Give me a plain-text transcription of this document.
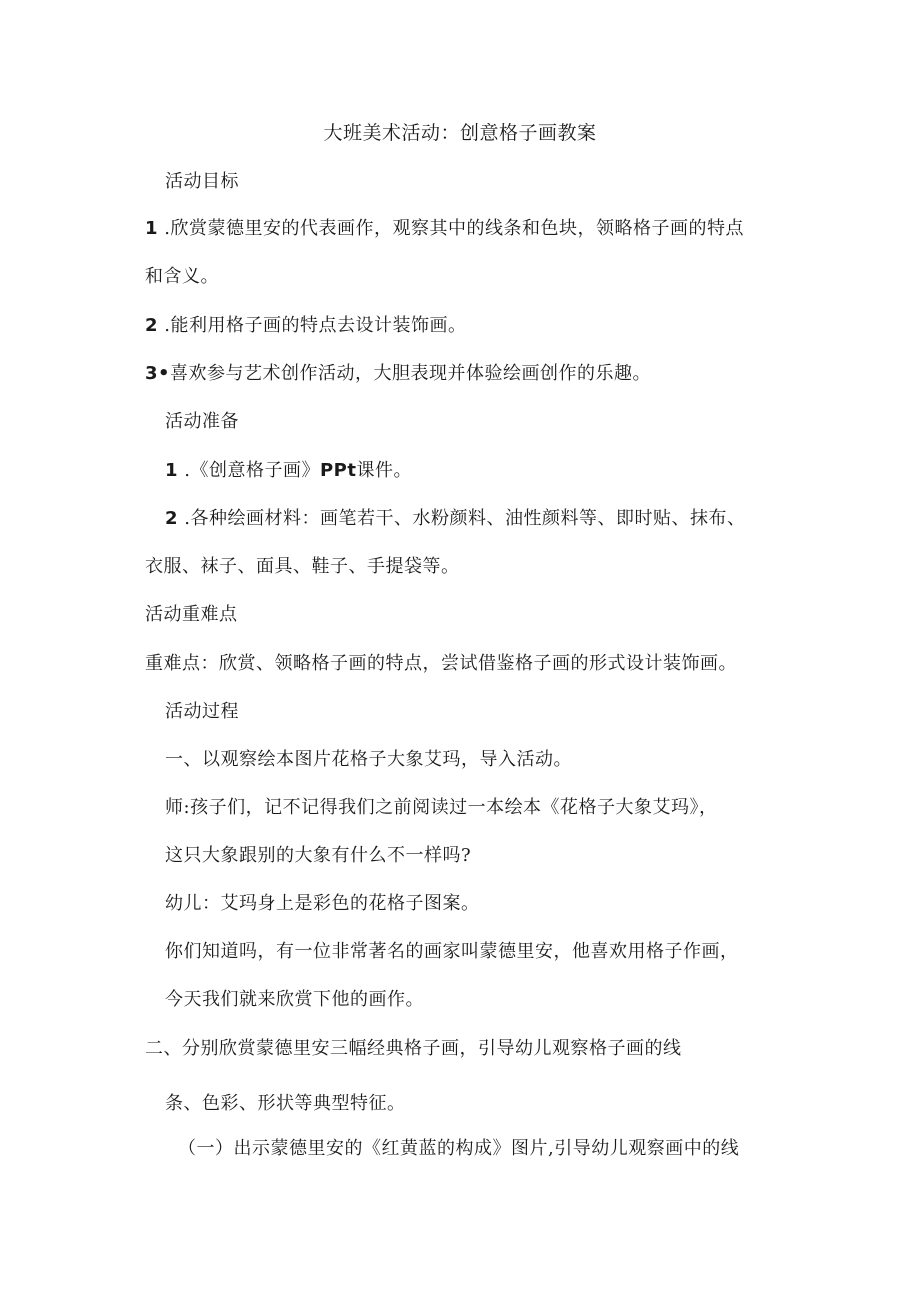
大班美术活动：创意格子画教案
活动目标
1 .欣赏蒙德里安的代表画作，观察其中的线条和色块，领略格子画的特点
和含义。
2 .能利用格子画的特点去设计装饰画。
3•喜欢参与艺术创作活动，大胆表现并体验绘画创作的乐趣。
活动准备
1 .《创意格子画》PPt课件。
2 .各种绘画材料：画笔若干、水粉颜料、油性颜料等、即时贴、抹布、
衣服、袜子、面具、鞋子、手提袋等。
活动重难点
重难点：欣赏、领略格子画的特点，尝试借鉴格子画的形式设计装饰画。
活动过程
一、以观察绘本图片花格子大象艾玛，导入活动。
师:孩子们，记不记得我们之前阅读过一本绘本《花格子大象艾玛》，
这只大象跟别的大象有什么不一样吗?
幼儿：艾玛身上是彩色的花格子图案。
你们知道吗，有一位非常著名的画家叫蒙德里安，他喜欢用格子作画，
今天我们就来欣赏下他的画作。
二、分别欣赏蒙德里安三幅经典格子画，引导幼儿观察格子画的线
条、色彩、形状等典型特征。
（一）出示蒙德里安的《红黄蓝的构成》图片,引导幼儿观察画中的线
